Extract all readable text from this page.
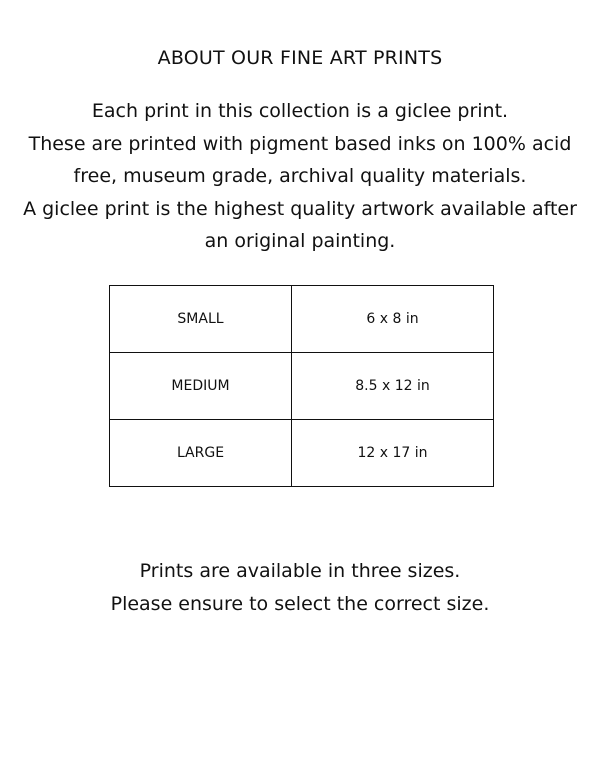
ABOUT OUR FINE ART PRINTS
Each print in this collection is a giclee print.
These are printed with pigment based inks on 100% acid
free, museum grade, archival quality materials.
A giclee print is the highest quality artwork available after
an original painting.
SMALL	6 x 8 in
MEDIUM	8.5 x 12 in
LARGE	12 x 17 in
Prints are available in three sizes.
Please ensure to select the correct size.
